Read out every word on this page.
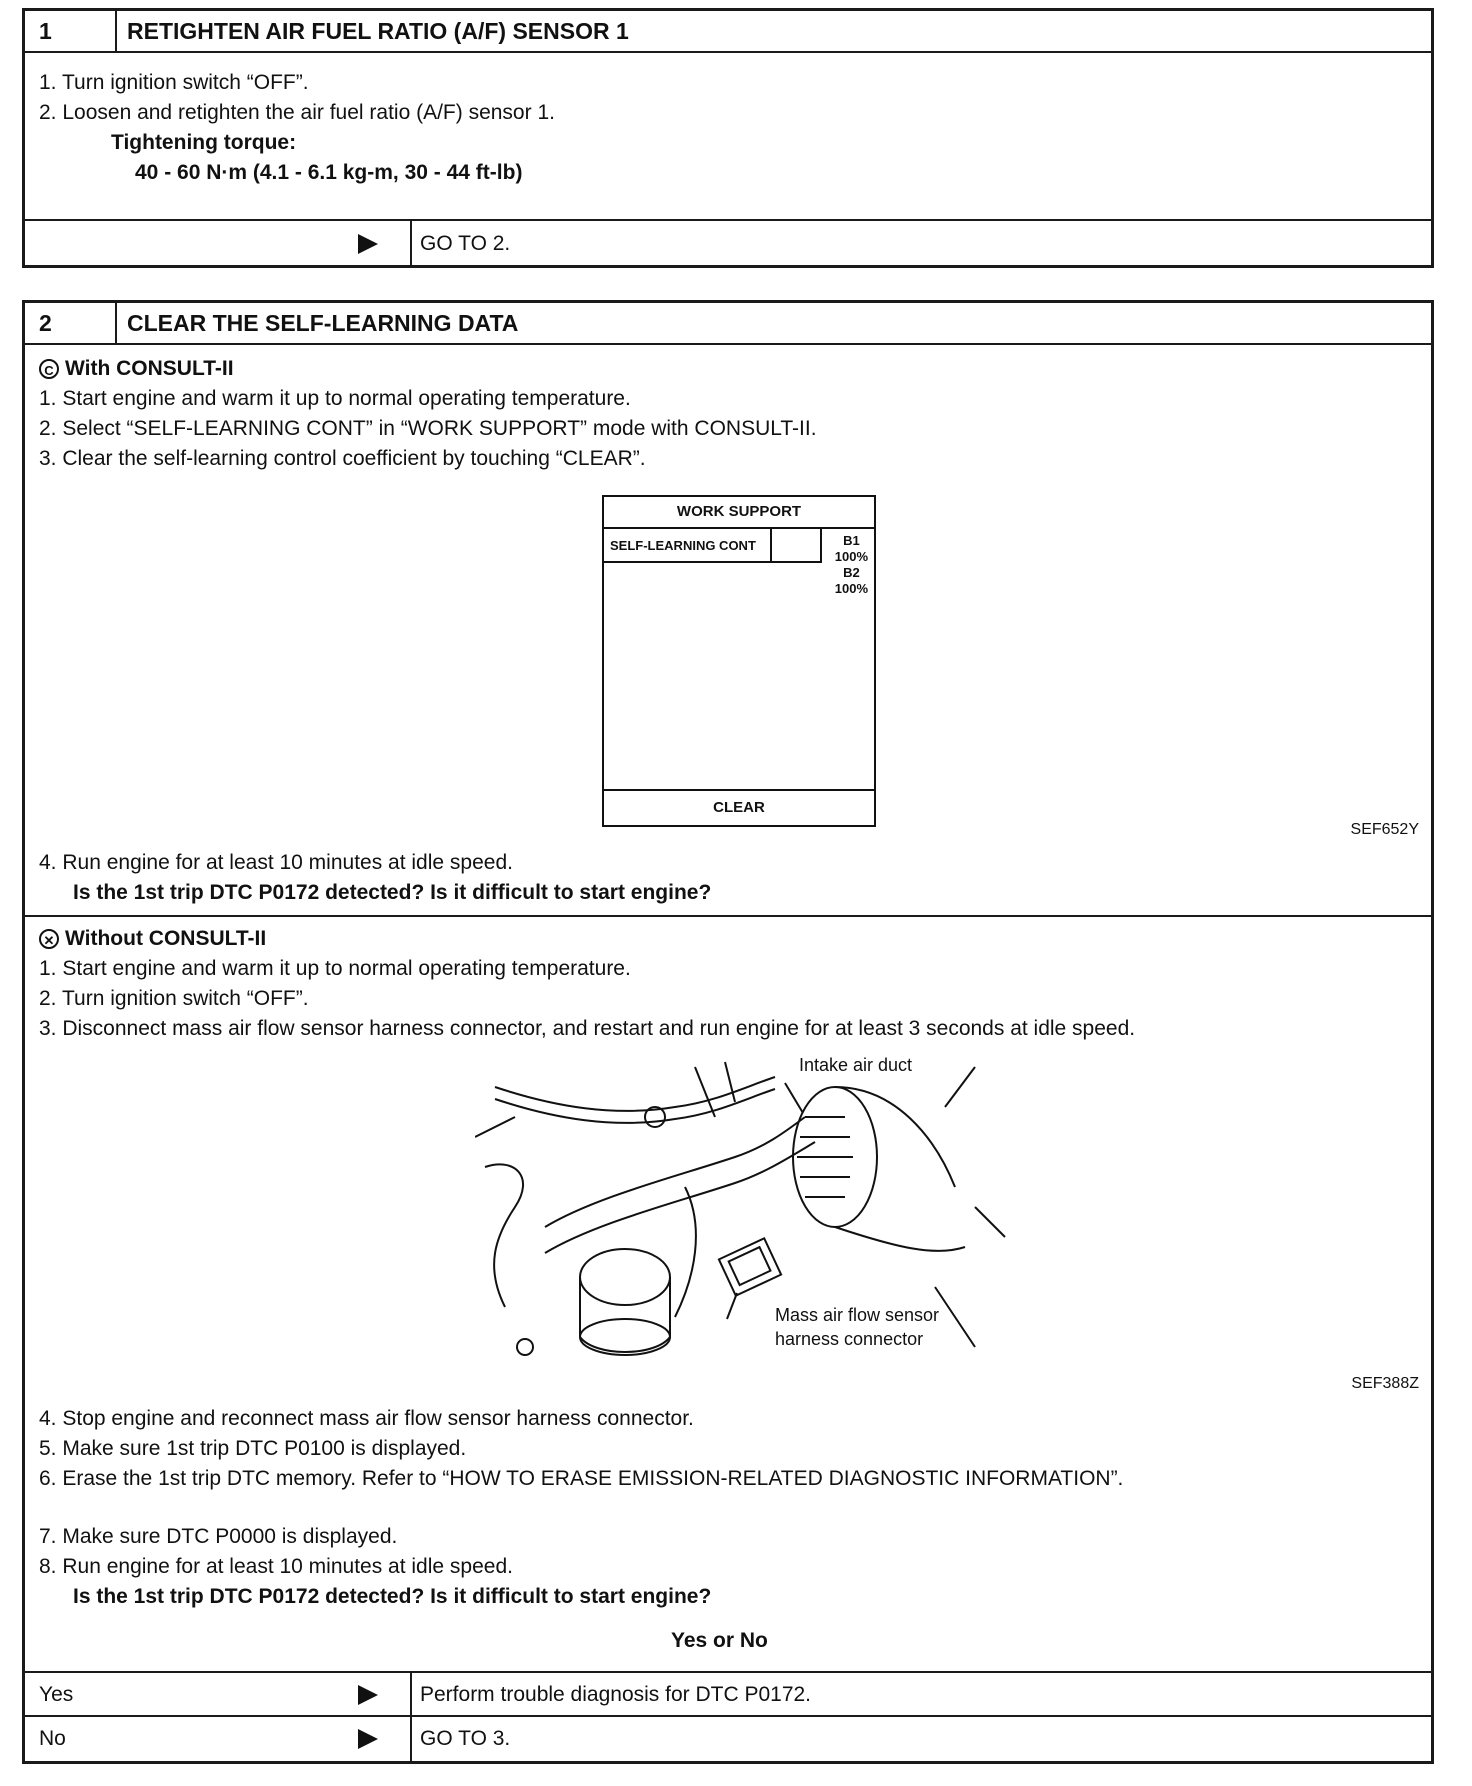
1	RETIGHTEN AIR FUEL RATIO (A/F) SENSOR 1
1. Turn ignition switch “OFF”.
2. Loosen and retighten the air fuel ratio (A/F) sensor 1.
Tightening torque:
40 - 60 N·m (4.1 - 6.1 kg-m, 30 - 44 ft-lb)
GO TO 2.
2	CLEAR THE SELF-LEARNING DATA
C With CONSULT-II
1. Start engine and warm it up to normal operating temperature.
2. Select “SELF-LEARNING CONT” in “WORK SUPPORT” mode with CONSULT-II.
3. Clear the self-learning control coefficient by touching “CLEAR”.
WORK SUPPORT
SELF-LEARNING CONT	B1
100%
B2
100%
CLEAR
SEF652Y
4. Run engine for at least 10 minutes at idle speed.
Is the 1st trip DTC P0172 detected? Is it difficult to start engine?
✕ Without CONSULT-II
1. Start engine and warm it up to normal operating temperature.
2. Turn ignition switch “OFF”.
3. Disconnect mass air flow sensor harness connector, and restart and run engine for at least 3 seconds at idle speed.
Intake air duct
Mass air flow sensor
harness connector
SEF388Z
4. Stop engine and reconnect mass air flow sensor harness connector.
5. Make sure 1st trip DTC P0100 is displayed.
6. Erase the 1st trip DTC memory. Refer to “HOW TO ERASE EMISSION-RELATED DIAGNOSTIC INFORMATION”.
7. Make sure DTC P0000 is displayed.
8. Run engine for at least 10 minutes at idle speed.
Is the 1st trip DTC P0172 detected? Is it difficult to start engine?
Yes or No
Yes	Perform trouble diagnosis for DTC P0172.
No	GO TO 3.
